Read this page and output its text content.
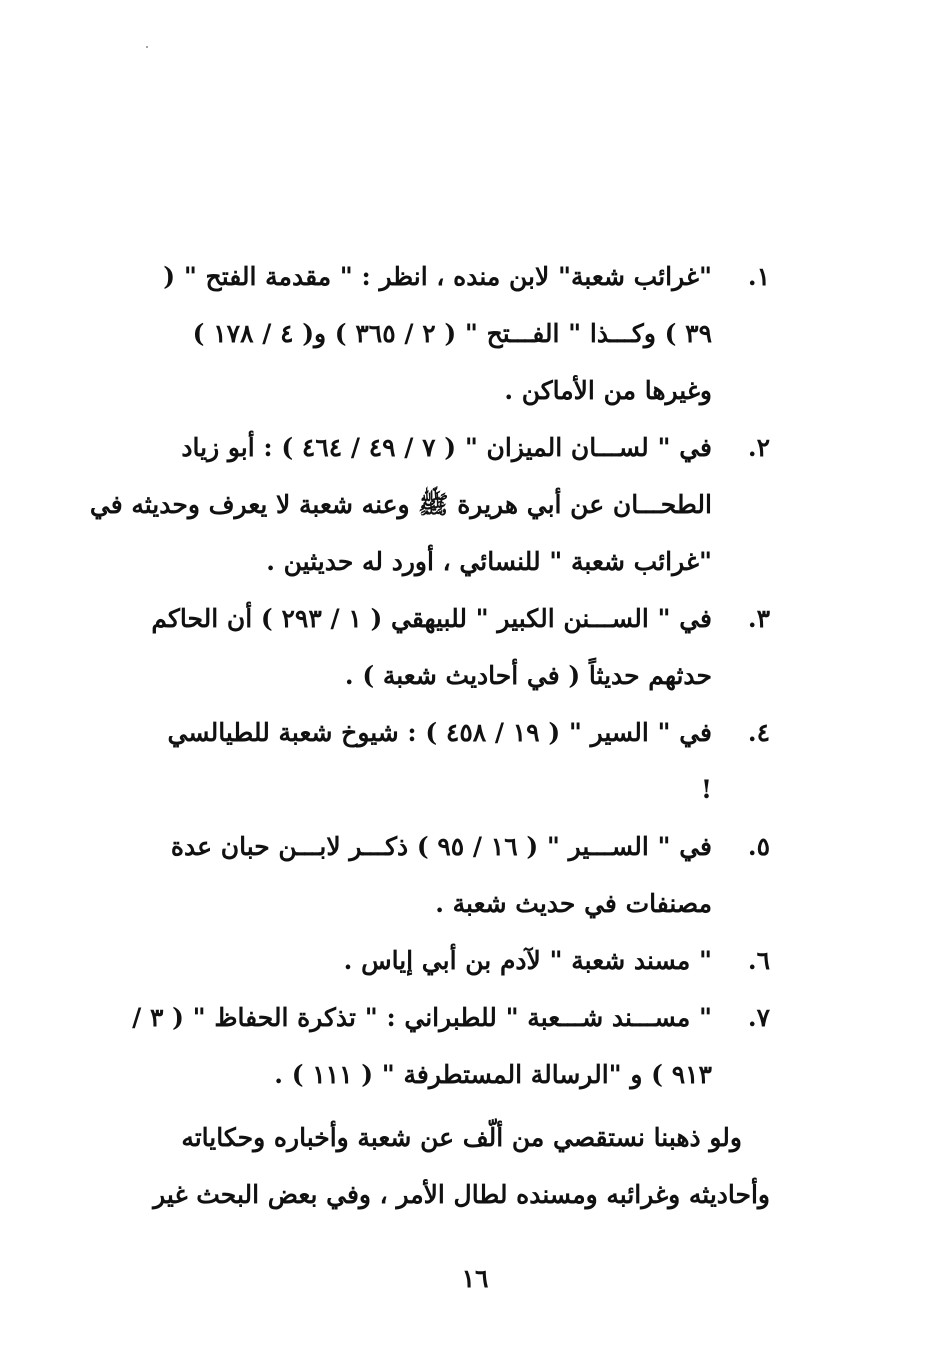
١.
"غرائب شعبة" لابن منده ، انظر : " مقدمة الفتح " (
٣٩ ) وكـــذا " الفـــتح " ( ٢ / ٣٦٥ ) و( ٤ / ١٧٨ )
وغيرها من الأماكن .
٢.
في " لســـان الميزان " ( ٧ / ٤٩ / ٤٦٤ ) : أبو زياد
الطحـــان عن أبي هريرة ﷺ وعنه شعبة لا يعرف وحديثه في
"غرائب شعبة " للنسائي ، أورد له حديثين .
٣.
في " الســـنن الكبير " للبيهقي ( ١ / ٢٩٣ ) أن الحاكم
حدثهم حديثاً ( في أحاديث شعبة ) .
٤.
في " السير " ( ١٩ / ٤٥٨ ) : شيوخ شعبة للطيالسي
!
٥.
في " الســـير " ( ١٦ / ٩٥ ) ذكـــر لابـــن حبان عدة
مصنفات في حديث شعبة .
٦.
" مسند شعبة " لآدم بن أبي إياس .
٧.
" مســـند شـــعبة " للطبراني : " تذكرة الحفاظ " ( ٣ /
٩١٣ ) و "الرسالة المستطرفة " ( ١١١ ) .
ولو ذهبنا نستقصي من ألّف عن شعبة وأخباره وحكاياته
وأحاديثه وغرائبه ومسنده لطال الأمر ، وفي بعض البحث غير
١٦
